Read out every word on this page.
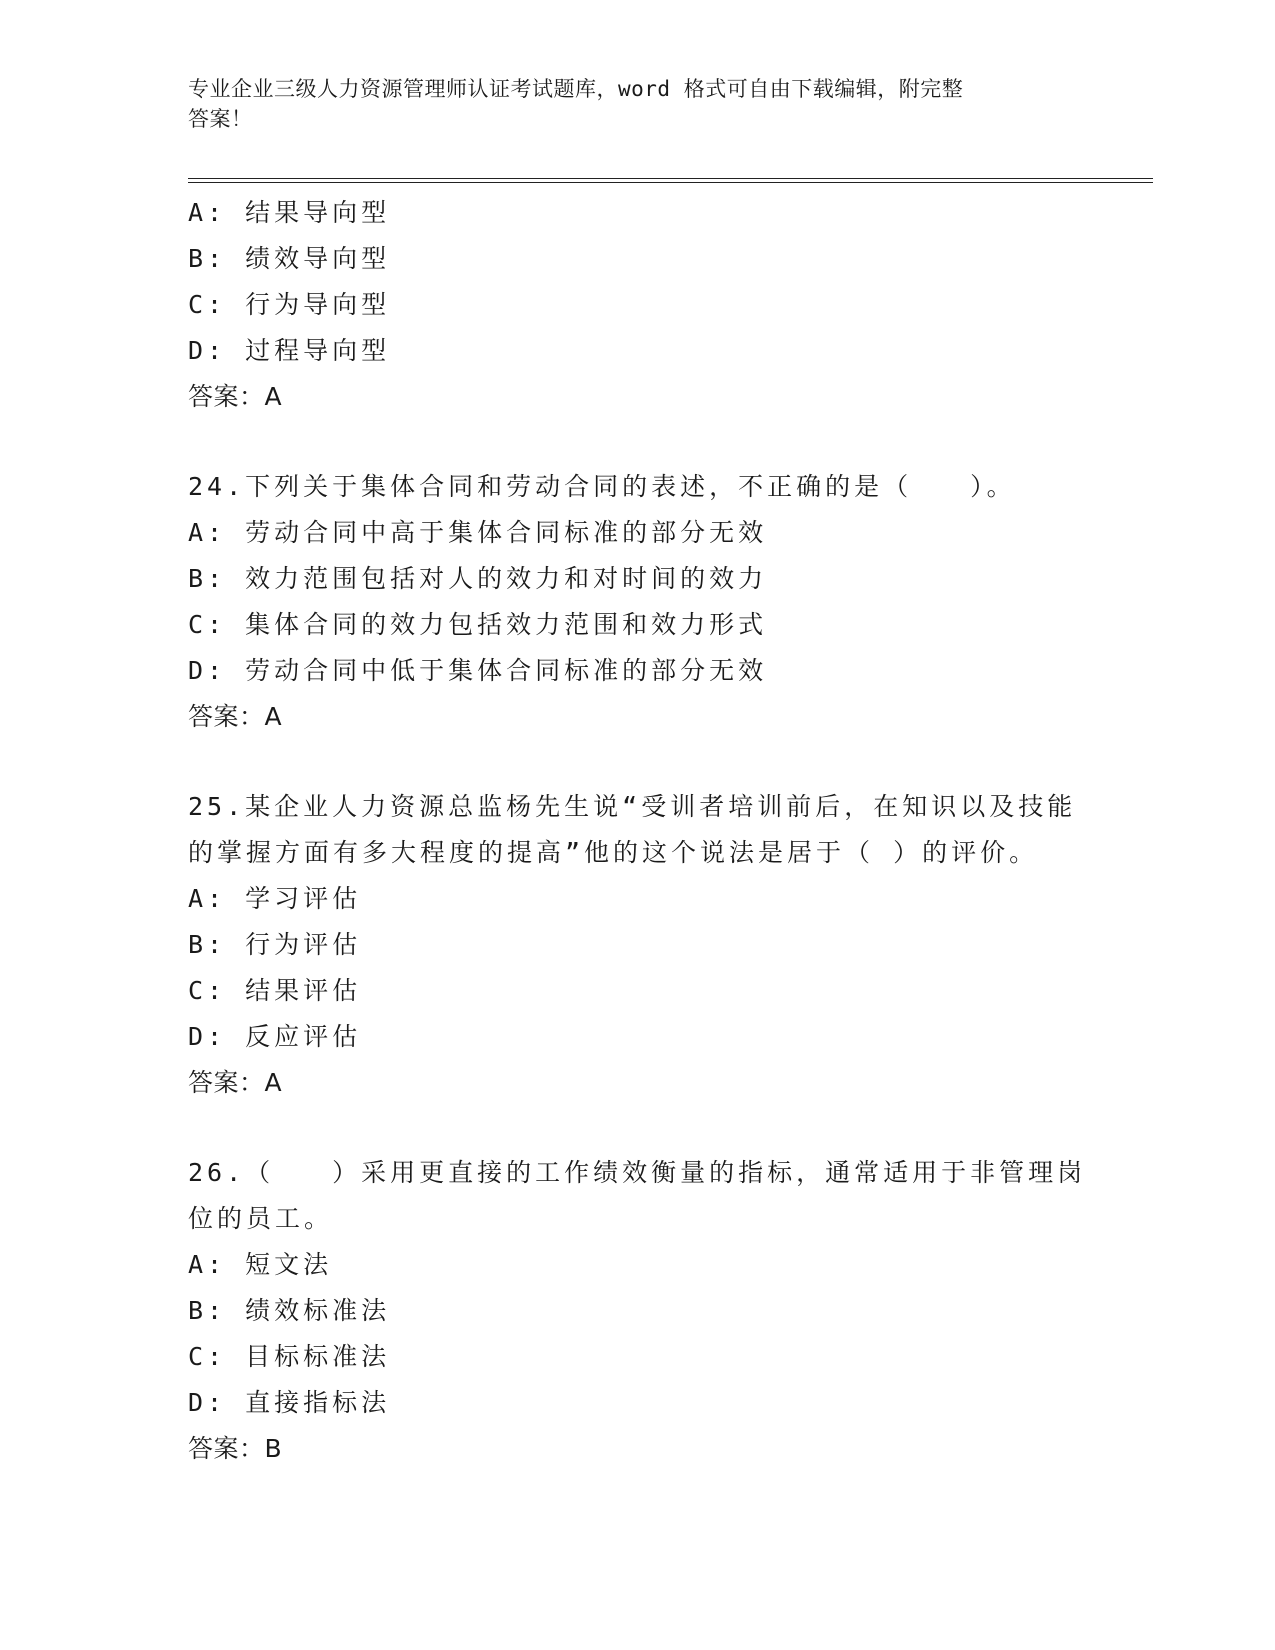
专业企业三级人力资源管理师认证考试题库，word 格式可自由下载编辑，附完整
答案！
A: 结果导向型
B: 绩效导向型
C: 行为导向型
D: 过程导向型
答案：A
24.下列关于集体合同和劳动合同的表述，不正确的是（　　）。
A: 劳动合同中高于集体合同标准的部分无效
B: 效力范围包括对人的效力和对时间的效力
C: 集体合同的效力包括效力范围和效力形式
D: 劳动合同中低于集体合同标准的部分无效
答案：A
25.某企业人力资源总监杨先生说“受训者培训前后，在知识以及技能
的掌握方面有多大程度的提高”他的这个说法是居于（ ）的评价。
A: 学习评估
B: 行为评估
C: 结果评估
D: 反应评估
答案：A
26.（　　）采用更直接的工作绩效衡量的指标，通常适用于非管理岗
位的员工。
A: 短文法
B: 绩效标准法
C: 目标标准法
D: 直接指标法
答案：B
